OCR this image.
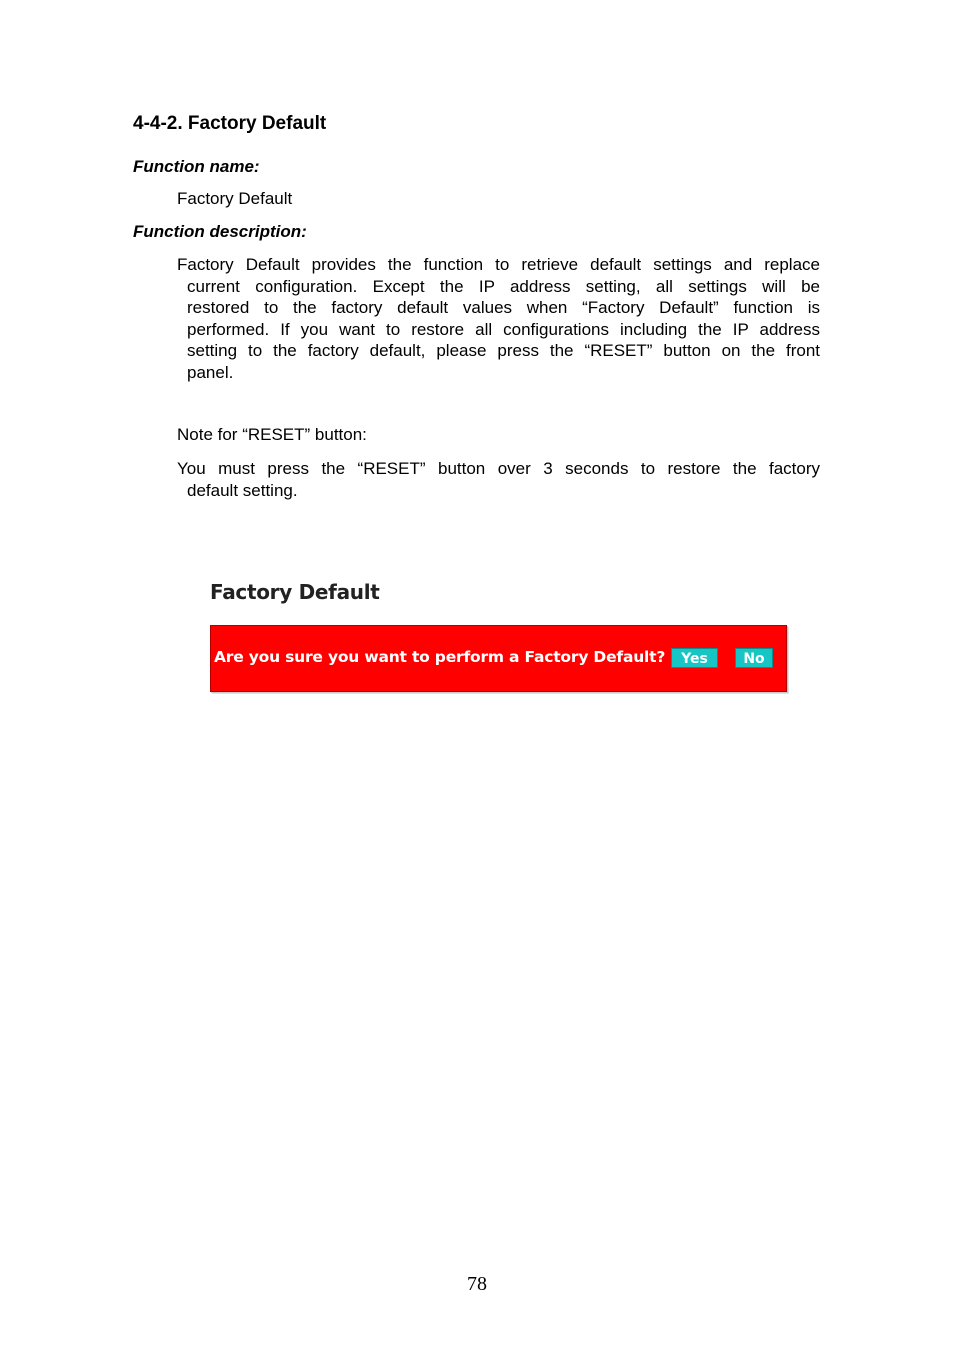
4-4-2. Factory Default

Function name:

Factory Default

Function description:

Factory Default provides the function to retrieve default settings and replace
current configuration. Except the IP address setting, all settings will be
restored to the factory default values when “Factory Default” function is
performed. If you want to restore all configurations including the IP address
setting to the factory default, please press the “RESET” button on the front
panel.

Note for “RESET” button:

You must press the “RESET” button over 3 seconds to restore the factory
default setting.
Factory Default
Are you sure you want to perform a Factory Default?	Yes	No
78
